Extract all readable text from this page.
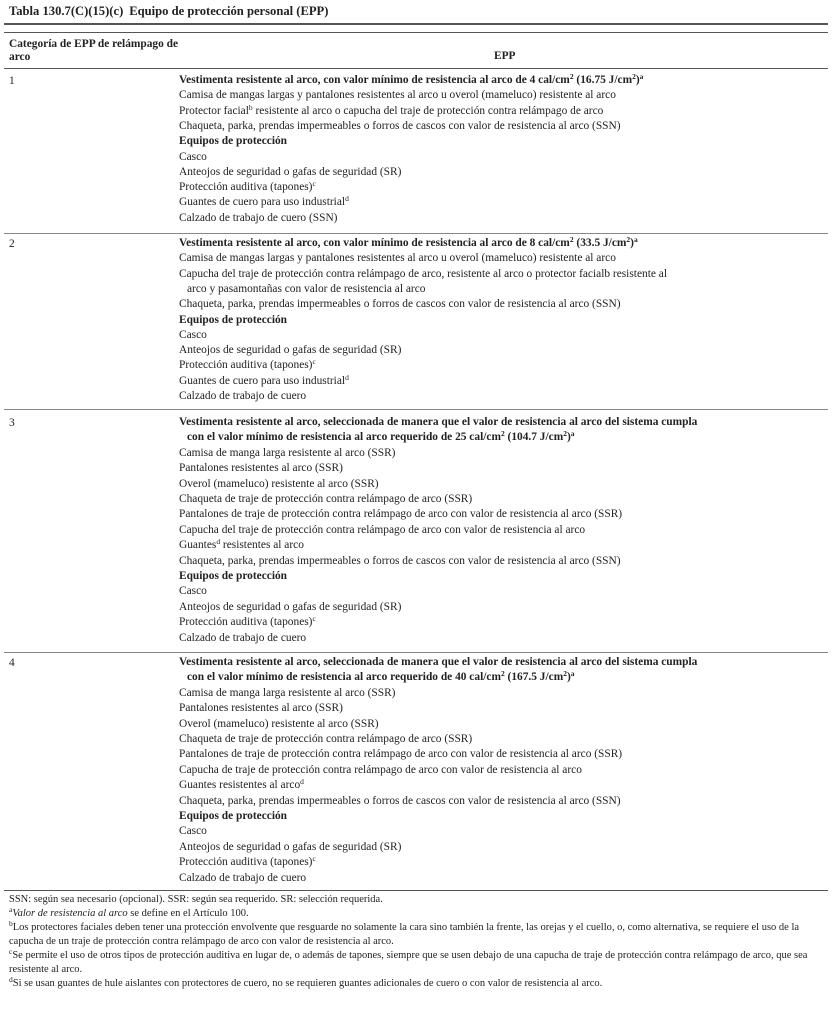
Tabla 130.7(C)(15)(c) Equipo de protección personal (EPP)
Categoría de EPP de relámpago de arco	EPP
1	Vestimenta resistente al arco, con valor mínimo de resistencia al arco de 4 cal/$cm^2$ (16.75 $J/cm^2)^a$
Camisa de mangas largas y pantalones resistentes al arco u overol (mameluco) resistente al arco
Protector facial$^b$ resistente al arco o capucha del traje de protección contra relámpago de arco
Chaqueta, parka, prendas impermeables o forros de cascos con valor de resistencia al arco (SSN)
Equipos de protección
Casco
Anteojos de seguridad o gafas de seguridad (SR)
Protección auditiva (tapones)$^c$
Guantes de cuero para uso industrial$^d$
Calzado de trabajo de cuero (SSN)
2	Vestimenta resistente al arco, con valor mínimo de resistencia al arco de 8 cal/$cm^2$ (33.5 $J/cm^2)^a$
Camisa de mangas largas y pantalones resistentes al arco u overol (mameluco) resistente al arco
Capucha del traje de protección contra relámpago de arco, resistente al arco o protector facialb resistente al
arco y pasamontañas con valor de resistencia al arco
Chaqueta, parka, prendas impermeables o forros de cascos con valor de resistencia al arco (SSN)
Equipos de protección
Casco
Anteojos de seguridad o gafas de seguridad (SR)
Protección auditiva (tapones)$^c$
Guantes de cuero para uso industrial$^d$
Calzado de trabajo de cuero
3	Vestimenta resistente al arco, seleccionada de manera que el valor de resistencia al arco del sistema cumpla
con el valor mínimo de resistencia al arco requerido de 25 cal/$cm^2$ (104.7 $J/cm^2)^a$
Camisa de manga larga resistente al arco (SSR)
Pantalones resistentes al arco (SSR)
Overol (mameluco) resistente al arco (SSR)
Chaqueta de traje de protección contra relámpago de arco (SSR)
Pantalones de traje de protección contra relámpago de arco con valor de resistencia al arco (SSR)
Capucha del traje de protección contra relámpago de arco con valor de resistencia al arco
Guantes$^d$ resistentes al arco
Chaqueta, parka, prendas impermeables o forros de cascos con valor de resistencia al arco (SSN)
Equipos de protección
Casco
Anteojos de seguridad o gafas de seguridad (SR)
Protección auditiva (tapones)$^c$
Calzado de trabajo de cuero
4	Vestimenta resistente al arco, seleccionada de manera que el valor de resistencia al arco del sistema cumpla
con el valor mínimo de resistencia al arco requerido de 40 cal/$cm^2$ (167.5 $J/cm^2)^a$
Camisa de manga larga resistente al arco (SSR)
Pantalones resistentes al arco (SSR)
Overol (mameluco) resistente al arco (SSR)
Chaqueta de traje de protección contra relámpago de arco (SSR)
Pantalones de traje de protección contra relámpago de arco con valor de resistencia al arco (SSR)
Capucha de traje de protección contra relámpago de arco con valor de resistencia al arco
Guantes resistentes al arco$^d$
Chaqueta, parka, prendas impermeables o forros de cascos con valor de resistencia al arco (SSN)
Equipos de protección
Casco
Anteojos de seguridad o gafas de seguridad (SR)
Protección auditiva (tapones)$^c$
Calzado de trabajo de cuero

SSN: según sea necesario (opcional). SSR: según sea requerido. SR: selección requerida.

$^a$Valor de resistencia al arco se define en el Artículo 100.

$^b$Los protectores faciales deben tener una protección envolvente que resguarde no solamente la cara sino también la frente, las orejas y el cuello, o, como alternativa, se requiere el uso de la capucha de un traje de protección contra relámpago de arco con valor de resistencia al arco.

$^c$Se permite el uso de otros tipos de protección auditiva en lugar de, o además de tapones, siempre que se usen debajo de una capucha de traje de protección contra relámpago de arco, que sea resistente al arco.

$^d$Si se usan guantes de hule aislantes con protectores de cuero, no se requieren guantes adicionales de cuero o con valor de resistencia al arco.
